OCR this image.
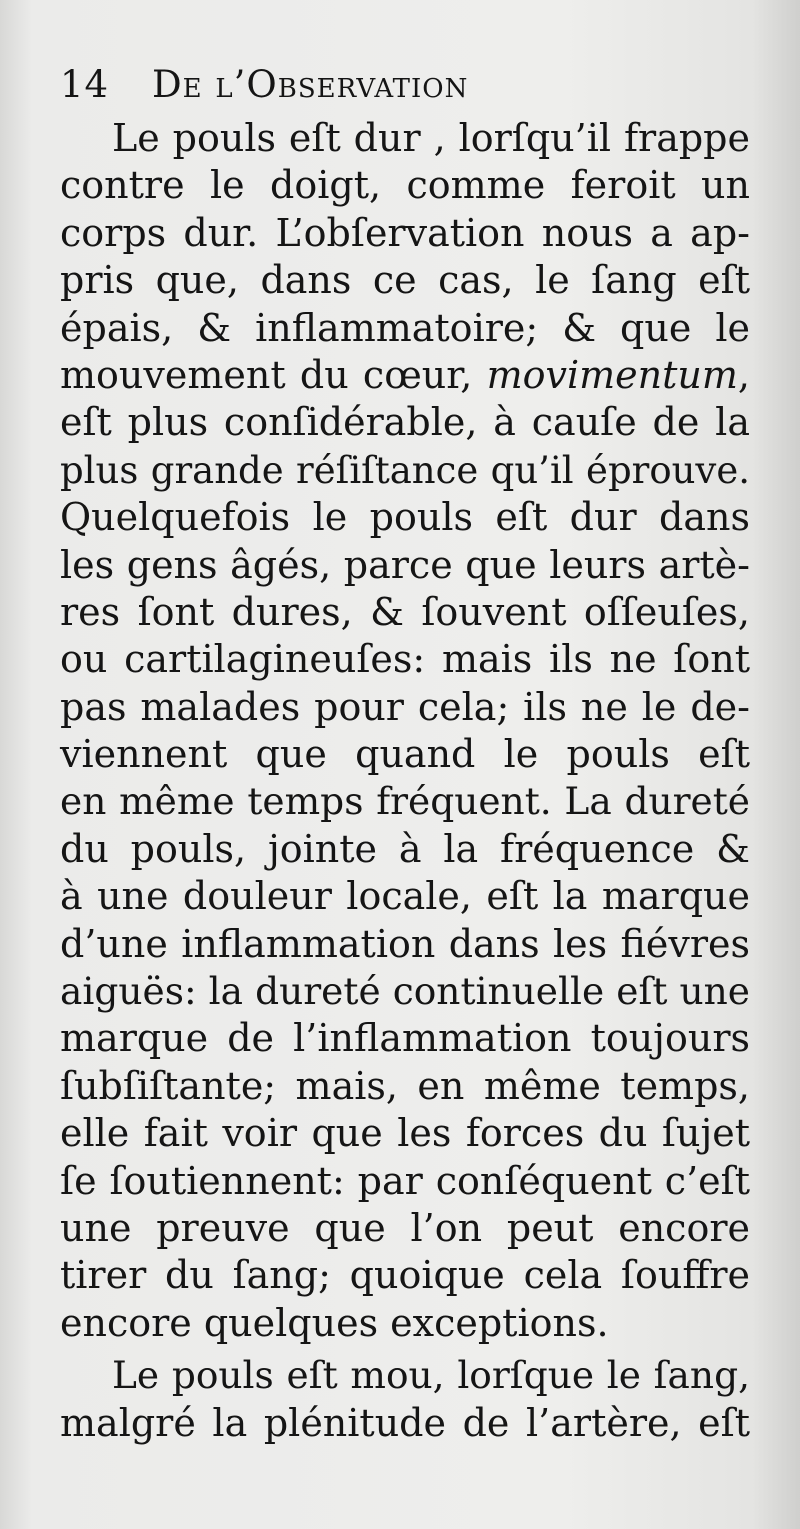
14 De l’Observation
Le pouls eſt dur , lorſqu’il frappe
contre le doigt, comme feroit un
corps dur. L’obſervation nous a ap-
pris que, dans ce cas, le ſang eſt
épais, & inflammatoire; & que le
mouvement du cœur, movimentum,
eſt plus conſidérable, à cauſe de la
plus grande réſiſtance qu’il éprouve.
Quelquefois le pouls eſt dur dans
les gens âgés, parce que leurs artè-
res ſont dures, & ſouvent oſſeuſes,
ou cartilagineuſes: mais ils ne ſont
pas malades pour cela; ils ne le de-
viennent que quand le pouls eſt
en même temps fréquent. La dureté
du pouls, jointe à la fréquence &
à une douleur locale, eſt la marque
d’une inflammation dans les fiévres
aiguës: la dureté continuelle eſt une
marque de l’inflammation toujours
ſubſiſtante; mais, en même temps,
elle fait voir que les forces du ſujet
ſe ſoutiennent: par conſéquent c’eſt
une preuve que l’on peut encore
tirer du ſang; quoique cela ſouffre
encore quelques exceptions.
Le pouls eſt mou, lorſque le ſang,
malgré la plénitude de l’artère, eſt
